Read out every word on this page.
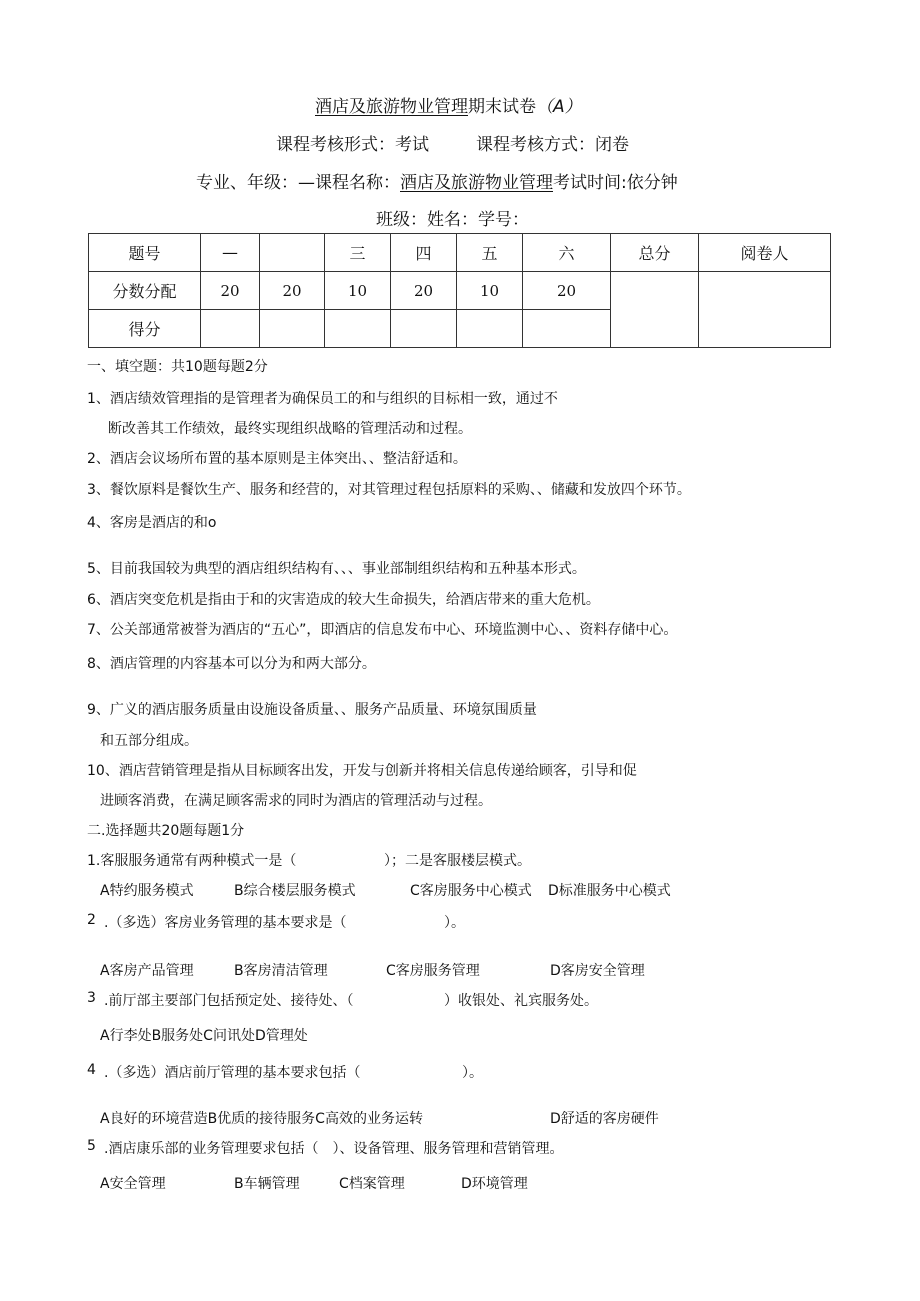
酒店及旅游物业管理期末试卷（A）
课程考核形式：考试	课程考核方式：闭卷
专业、年级：—课程名称：酒店及旅游物业管理考试时间:依分钟
班级：姓名：学号：
题号	—		三	四	五	六	总分	阅卷人
分数分配	20	20	10	20	10	20		
得分								
一、填空题：共10题每题2分
1、酒店绩效管理指的是管理者为确保员工的和与组织的目标相一致，通过不
断改善其工作绩效，最终实现组织战略的管理活动和过程。
2、酒店会议场所布置的基本原则是主体突出、、整洁舒适和。
3、餐饮原料是餐饮生产、服务和经营的，对其管理过程包括原料的采购、、储藏和发放四个环节。
4、客房是酒店的和o
5、目前我国较为典型的酒店组织结构有、、、事业部制组织结构和五种基本形式。
6、酒店突变危机是指由于和的灾害造成的较大生命损失，给酒店带来的重大危机。
7、公关部通常被誉为酒店的“五心”，即酒店的信息发布中心、环境监测中心、、资料存储中心。
8、酒店管理的内容基本可以分为和两大部分。
9、广义的酒店服务质量由设施设备质量、、服务产品质量、环境氛围质量
和五部分组成。
10、酒店营销管理是指从目标顾客出发，开发与创新并将相关信息传递给顾客，引导和促
进顾客消费，在满足顾客需求的同时为酒店的管理活动与过程。
二.选择题共20题每题1分
1.客服服务通常有两种模式一是（	）；二是客服楼层模式。
A特约服务模式	B综合楼层服务模式	C客房服务中心模式 D标准服务中心模式
2 .（多选）客房业务管理的基本要求是（	）。
A客房产品管理	B客房清洁管理	C客房服务管理	D客房安全管理
3 .前厅部主要部门包括预定处、接待处、（	）收银处、礼宾服务处。
A行李处B服务处C问讯处D管理处
4 .（多选）酒店前厅管理的基本要求包括（	）。
A良好的环境营造B优质的接待服务C高效的业务运转	D舒适的客房硬件
5 .酒店康乐部的业务管理要求包括（　）、设备管理、服务管理和营销管理。
A安全管理	B车辆管理	C档案管理	D环境管理
